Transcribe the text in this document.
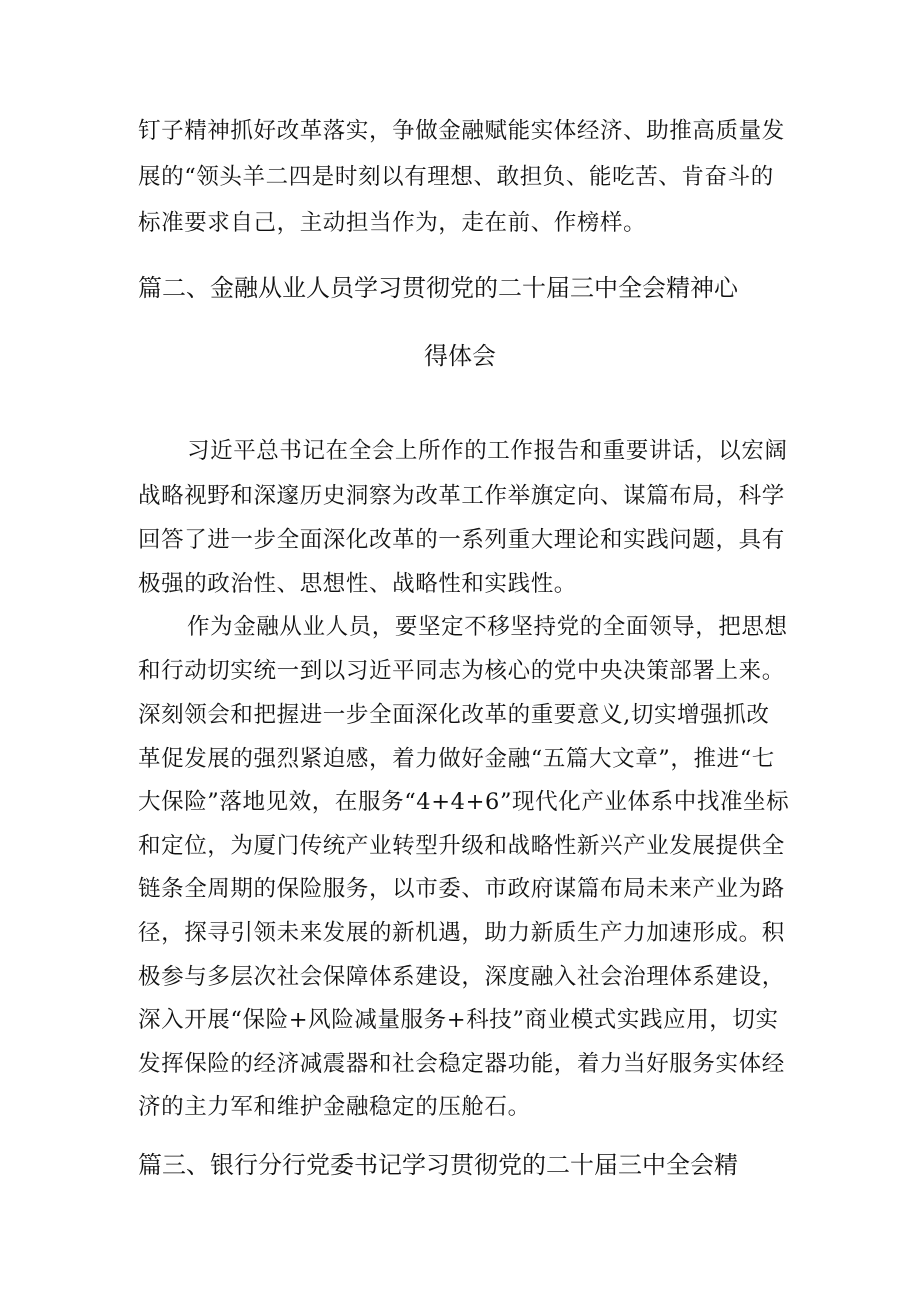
钉子精神抓好改革落实，争做金融赋能实体经济、助推高质量发
展的“领头羊二四是时刻以有理想、敢担负、能吃苦、肯奋斗的
标准要求自己，主动担当作为，走在前、作榜样。
篇二、金融从业人员学习贯彻党的二十届三中全会精神心
得体会
习近平总书记在全会上所作的工作报告和重要讲话，以宏阔
战略视野和深邃历史洞察为改革工作举旗定向、谋篇布局，科学
回答了进一步全面深化改革的一系列重大理论和实践问题，具有
极强的政治性、思想性、战略性和实践性。
作为金融从业人员，要坚定不移坚持党的全面领导，把思想
和行动切实统一到以习近平同志为核心的党中央决策部署上来。
深刻领会和把握进一步全面深化改革的重要意义,切实增强抓改
革促发展的强烈紧迫感，着力做好金融“五篇大文章”，推进“七
大保险”落地见效，在服务“4+4+6”现代化产业体系中找准坐标
和定位，为厦门传统产业转型升级和战略性新兴产业发展提供全
链条全周期的保险服务，以市委、市政府谋篇布局未来产业为路
径，探寻引领未来发展的新机遇，助力新质生产力加速形成。积
极参与多层次社会保障体系建设，深度融入社会治理体系建设，
深入开展“保险+风险减量服务+科技”商业模式实践应用，切实
发挥保险的经济减震器和社会稳定器功能，着力当好服务实体经
济的主力军和维护金融稳定的压舱石。
篇三、银行分行党委书记学习贯彻党的二十届三中全会精
